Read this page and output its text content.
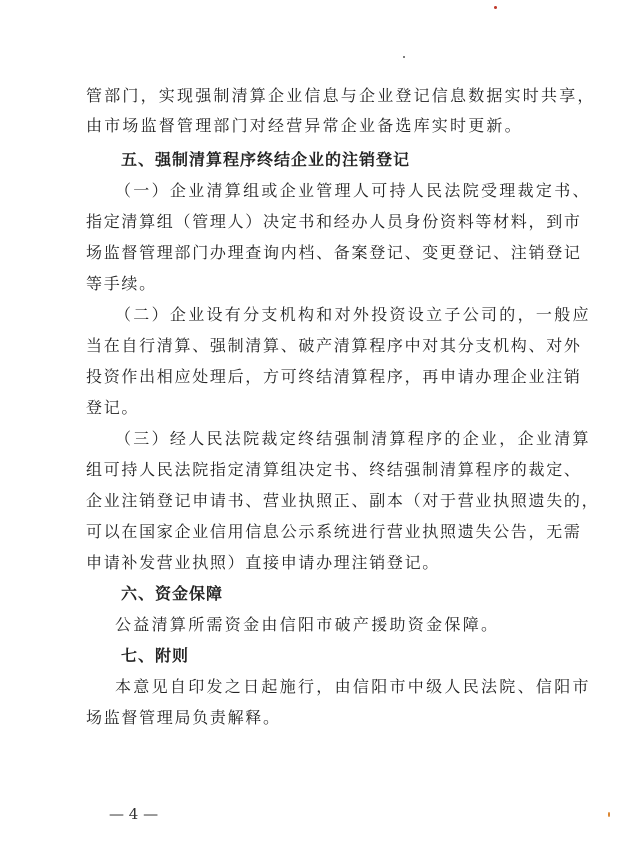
管部门，实现强制清算企业信息与企业登记信息数据实时共享，
由市场监督管理部门对经营异常企业备选库实时更新。
五、强制清算程序终结企业的注销登记
（一）企业清算组或企业管理人可持人民法院受理裁定书、
指定清算组（管理人）决定书和经办人员身份资料等材料，到市
场监督管理部门办理查询内档、备案登记、变更登记、注销登记
等手续。
（二）企业设有分支机构和对外投资设立子公司的，一般应
当在自行清算、强制清算、破产清算程序中对其分支机构、对外
投资作出相应处理后，方可终结清算程序，再申请办理企业注销
登记。
（三）经人民法院裁定终结强制清算程序的企业，企业清算
组可持人民法院指定清算组决定书、终结强制清算程序的裁定、
企业注销登记申请书、营业执照正、副本（对于营业执照遗失的，
可以在国家企业信用信息公示系统进行营业执照遗失公告，无需
申请补发营业执照）直接申请办理注销登记。
六、资金保障
公益清算所需资金由信阳市破产援助资金保障。
七、附则
本意见自印发之日起施行，由信阳市中级人民法院、信阳市
场监督管理局负责解释。
— 4 —
